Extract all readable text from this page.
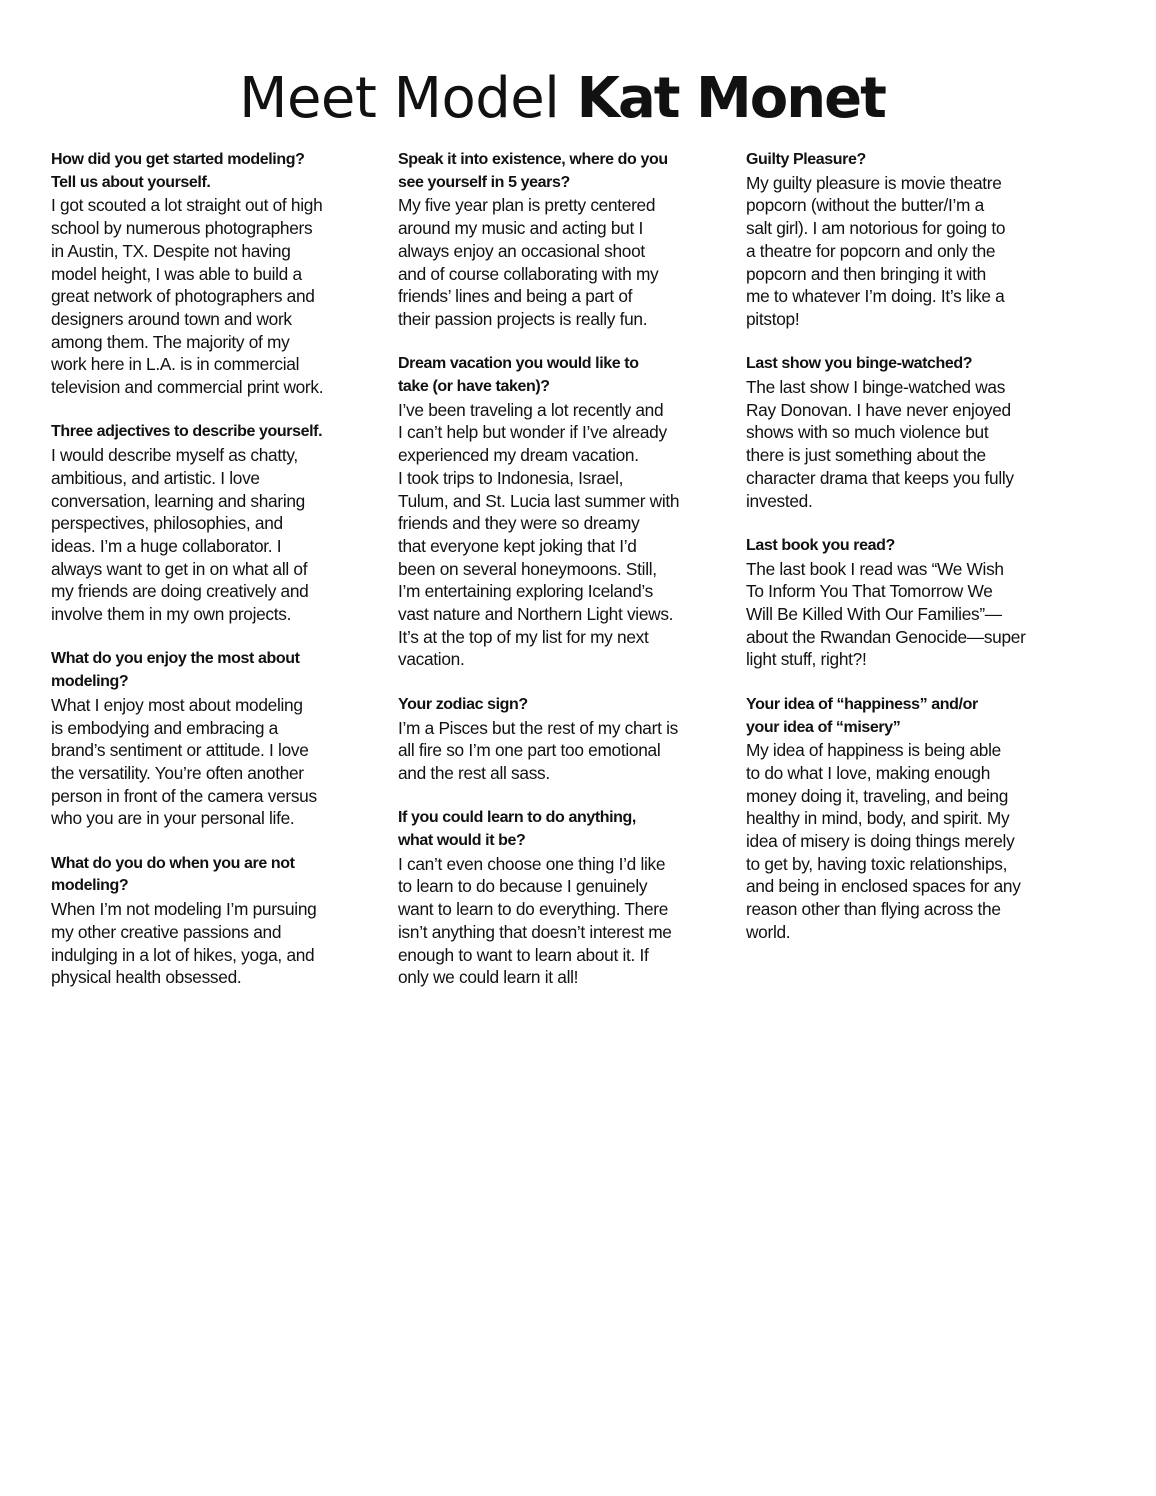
Meet Model Kat Monet
How did you get started modeling?
Tell us about yourself.
I got scouted a lot straight out of high
school by numerous photographers
in Austin, TX. Despite not having
model height, I was able to build a
great network of photographers and
designers around town and work
among them. The majority of my
work here in L.A. is in commercial
television and commercial print work.
Three adjectives to describe yourself.
I would describe myself as chatty,
ambitious, and artistic. I love
conversation, learning and sharing
perspectives, philosophies, and
ideas. I’m a huge collaborator. I
always want to get in on what all of
my friends are doing creatively and
involve them in my own projects.
What do you enjoy the most about
modeling?
What I enjoy most about modeling
is embodying and embracing a
brand’s sentiment or attitude. I love
the versatility. You’re often another
person in front of the camera versus
who you are in your personal life.
What do you do when you are not
modeling?
When I’m not modeling I’m pursuing
my other creative passions and
indulging in a lot of hikes, yoga, and
physical health obsessed.
Speak it into existence, where do you
see yourself in 5 years?
My five year plan is pretty centered
around my music and acting but I
always enjoy an occasional shoot
and of course collaborating with my
friends’ lines and being a part of
their passion projects is really fun.
Dream vacation you would like to
take (or have taken)?
I’ve been traveling a lot recently and
I can’t help but wonder if I’ve already
experienced my dream vacation.
I took trips to Indonesia, Israel,
Tulum, and St. Lucia last summer with
friends and they were so dreamy
that everyone kept joking that I’d
been on several honeymoons. Still,
I’m entertaining exploring Iceland’s
vast nature and Northern Light views.
It’s at the top of my list for my next
vacation.
Your zodiac sign?
I’m a Pisces but the rest of my chart is
all fire so I’m one part too emotional
and the rest all sass.
If you could learn to do anything,
what would it be?
I can’t even choose one thing I’d like
to learn to do because I genuinely
want to learn to do everything. There
isn’t anything that doesn’t interest me
enough to want to learn about it. If
only we could learn it all!
Guilty Pleasure?
My guilty pleasure is movie theatre
popcorn (without the butter/I’m a
salt girl). I am notorious for going to
a theatre for popcorn and only the
popcorn and then bringing it with
me to whatever I’m doing. It’s like a
pitstop!
Last show you binge-watched?
The last show I binge-watched was
Ray Donovan. I have never enjoyed
shows with so much violence but
there is just something about the
character drama that keeps you fully
invested.
Last book you read?
The last book I read was “We Wish
To Inform You That Tomorrow We
Will Be Killed With Our Families”—
about the Rwandan Genocide—super
light stuff, right?!
Your idea of “happiness” and/or
your idea of “misery”
My idea of happiness is being able
to do what I love, making enough
money doing it, traveling, and being
healthy in mind, body, and spirit. My
idea of misery is doing things merely
to get by, having toxic relationships,
and being in enclosed spaces for any
reason other than flying across the
world.
